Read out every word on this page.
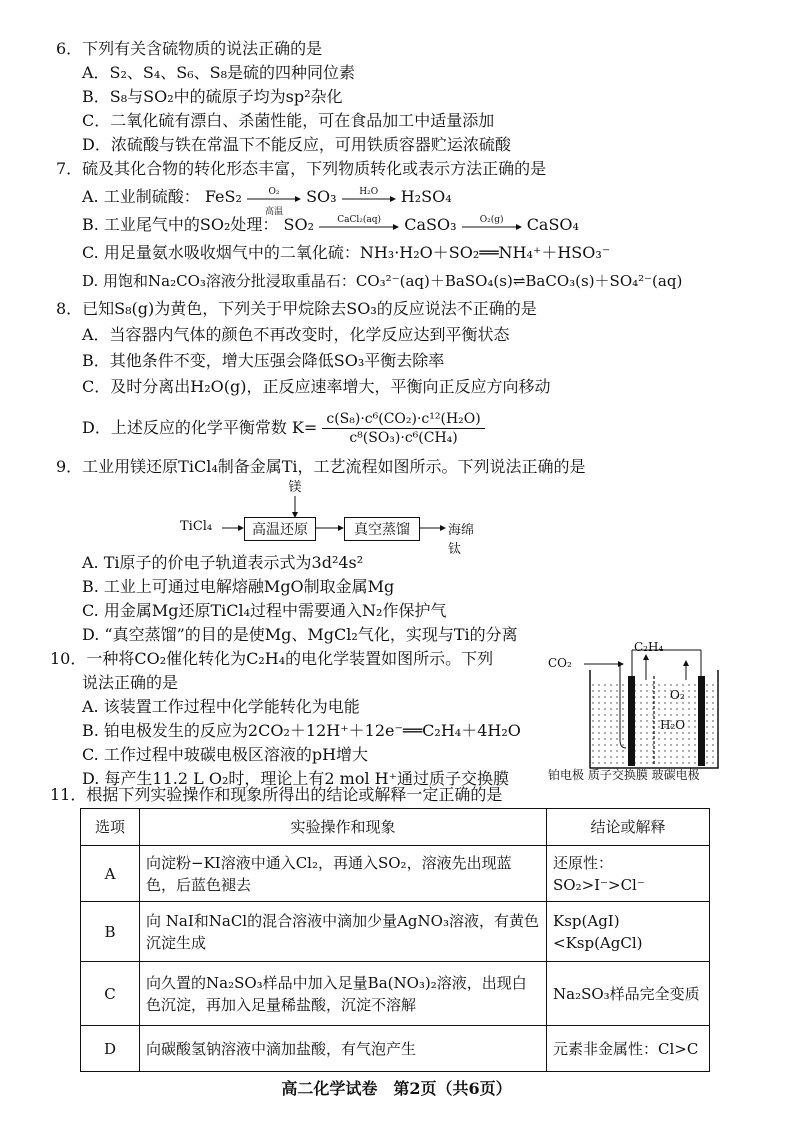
6．下列有关含硫物质的说法正确的是
A．S₂、S₄、S₆、S₈是硫的四种同位素
B．S₈与SO₂中的硫原子均为sp²杂化
C．二氧化硫有漂白、杀菌性能，可在食品加工中适量添加
D．浓硫酸与铁在常温下不能反应，可用铁质容器贮运浓硫酸
7．硫及其化合物的转化形态丰富，下列物质转化或表示方法正确的是
A. 工业制硫酸： FeS₂	O₂
高温
SO₃	H₂O	H₂SO₄
B. 工业尾气中的SO₂处理： SO₂	CaCl₂(aq)	CaSO₃	O₂(g)	CaSO₄
C. 用足量氨水吸收烟气中的二氧化硫：NH₃·H₂O＋SO₂══NH₄⁺＋HSO₃⁻
D. 用饱和Na₂CO₃溶液分批浸取重晶石：CO₃²⁻(aq)＋BaSO₄(s)⇌BaCO₃(s)＋SO₄²⁻(aq)
8．已知S₈(g)为黄色，下列关于甲烷除去SO₃的反应说法不正确的是
A．当容器内气体的颜色不再改变时，化学反应达到平衡状态
B．其他条件不变，增大压强会降低SO₃平衡去除率
C．及时分离出H₂O(g)，正反应速率增大，平衡向正反应方向移动
D．上述反应的化学平衡常数 $K= \frac{\text{c(S₈)·c⁶(CO₂)·c¹²(H₂O)}}{\text{c⁸(SO₃)·c⁶(CH₄)}}$
9．工业用镁还原TiCl₄制备金属Ti，工艺流程如图所示。下列说法正确的是
镁
TiCl₄	高温还原	真空蒸馏	海绵钛
A. Ti原子的价电子轨道表示式为3d²4s²
B. 工业上可通过电解熔融MgO制取金属Mg
C. 用金属Mg还原TiCl₄过程中需要通入N₂作保护气
D. “真空蒸馏”的目的是使Mg、MgCl₂气化，实现与Ti的分离
10．一种将CO₂催化转化为C₂H₄的电化学装置如图所示。下列
说法正确的是
A. 该装置工作过程中化学能转化为电能
B. 铂电极发生的反应为2CO₂＋12H⁺＋12e⁻══C₂H₄＋4H₂O
C. 工作过程中玻碳电极区溶液的pH增大
D. 每产生11.2 L O₂时，理论上有2 mol H⁺通过质子交换膜
CO₂
C₂H₄
O₂
H₂O
铂电极 质子交换膜 玻碳电极
11．根据下列实验操作和现象所得出的结论或解释一定正确的是
选项	实验操作和现象	结论或解释
A	向淀粉−KI溶液中通入Cl₂，再通入SO₂，溶液先出现蓝色，后蓝色褪去	还原性：SO₂>I⁻>Cl⁻
B	向 NaI和NaCl的混合溶液中滴加少量AgNO₃溶液，有黄色沉淀生成	Ksp(AgI)<Ksp(AgCl)
C	向久置的Na₂SO₃样品中加入足量Ba(NO₃)₂溶液，出现白色沉淀，再加入足量稀盐酸，沉淀不溶解	Na₂SO₃样品完全变质
D	向碳酸氢钠溶液中滴加盐酸，有气泡产生	元素非金属性：Cl>C
高二化学试卷　第2页（共6页）
